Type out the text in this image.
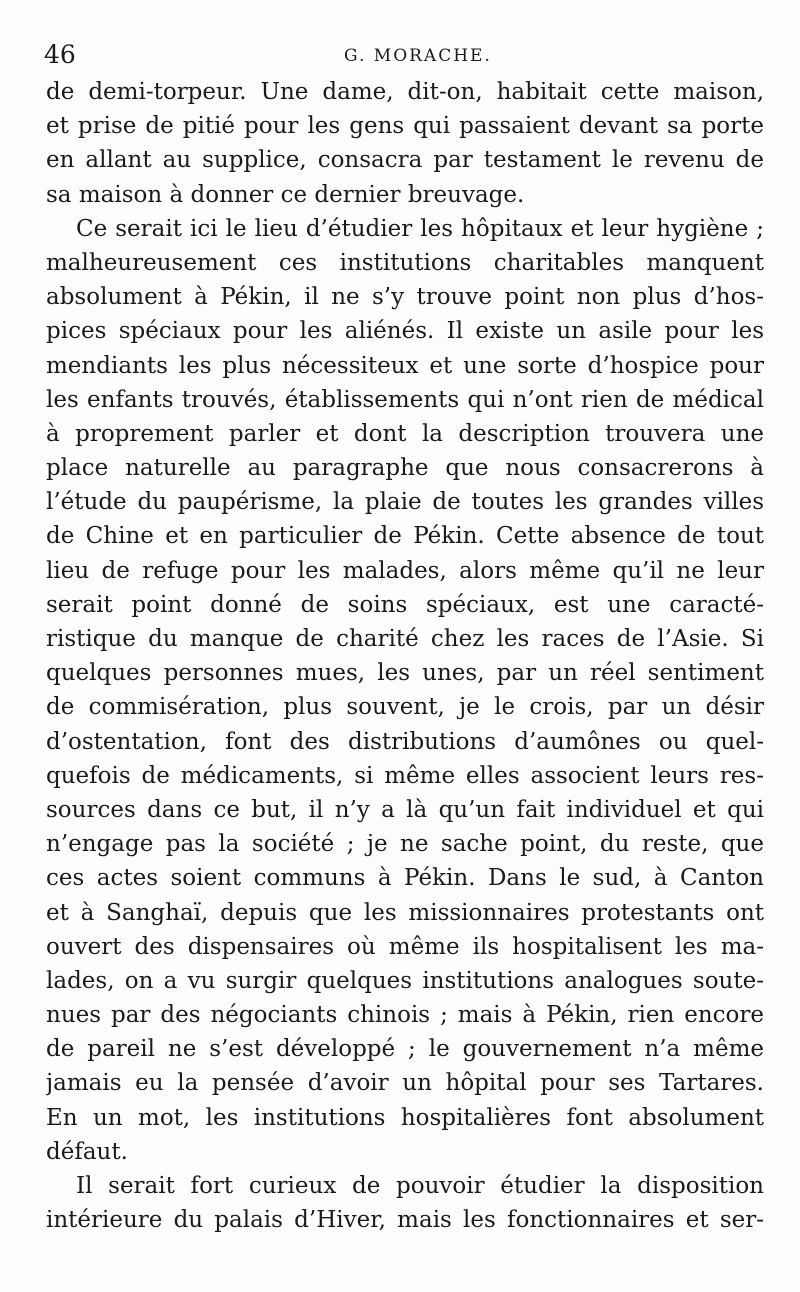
46	G. MORACHE.
de demi-torpeur. Une dame, dit-on, habitait cette maison,
et prise de pitié pour les gens qui passaient devant sa porte
en allant au supplice, consacra par testament le revenu de
sa maison à donner ce dernier breuvage.
Ce serait ici le lieu d’étudier les hôpitaux et leur hygiène ;
malheureusement ces institutions charitables manquent
absolument à Pékin, il ne s’y trouve point non plus d’hos-
pices spéciaux pour les aliénés. Il existe un asile pour les
mendiants les plus nécessiteux et une sorte d’hospice pour
les enfants trouvés, établissements qui n’ont rien de médical
à proprement parler et dont la description trouvera une
place naturelle au paragraphe que nous consacrerons à
l’étude du paupérisme, la plaie de toutes les grandes villes
de Chine et en particulier de Pékin. Cette absence de tout
lieu de refuge pour les malades, alors même qu’il ne leur
serait point donné de soins spéciaux, est une caracté-
ristique du manque de charité chez les races de l’Asie. Si
quelques personnes mues, les unes, par un réel sentiment
de commisération, plus souvent, je le crois, par un désir
d’ostentation, font des distributions d’aumônes ou quel-
quefois de médicaments, si même elles associent leurs res-
sources dans ce but, il n’y a là qu’un fait individuel et qui
n’engage pas la société ; je ne sache point, du reste, que
ces actes soient communs à Pékin. Dans le sud, à Canton
et à Sanghaï, depuis que les missionnaires protestants ont
ouvert des dispensaires où même ils hospitalisent les ma-
lades, on a vu surgir quelques institutions analogues soute-
nues par des négociants chinois ; mais à Pékin, rien encore
de pareil ne s’est développé ; le gouvernement n’a même
jamais eu la pensée d’avoir un hôpital pour ses Tartares.
En un mot, les institutions hospitalières font absolument
défaut.
Il serait fort curieux de pouvoir étudier la disposition
intérieure du palais d’Hiver, mais les fonctionnaires et ser-
